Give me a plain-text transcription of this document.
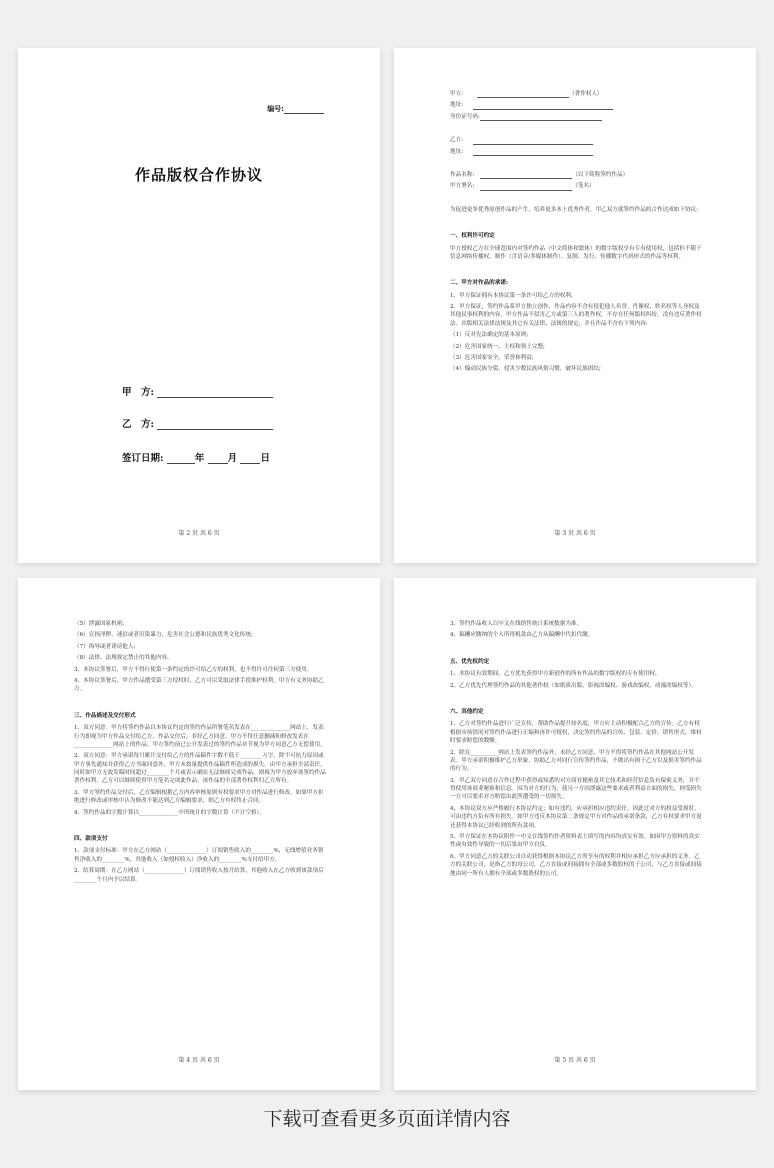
编号:
作品版权合作协议
甲　方:
乙　方:
签订日期:	年 月 日
第 2 页 共 6 页
甲方:	（著作权人）
地址:
身份证号码:
乙方:
地址:
作品名称:	（以下简称签约作品）
甲方署名:	（笔名）

为促进更多优秀原创作品的产生，培养更多本土优秀作者，甲乙双方就签约作品的合作达成如下协议:

一、权利许可约定

甲方授权乙方在全球范围内对签约作品（中文简体和繁体）的数字版权享有专有使用权，包括但不限于信息网络传播权，制作（含语音/多媒体制作）、复制、发行、传播数字代码形式的作品等权利。

二、甲方对作品的承诺:

1、甲方保证拥有本协议第一条许可给乙方的权利。

2、甲方保证，签约作品系甲方独立创作，作品内容不含有侵犯他人名誉、肖像权、姓名权等人身权及其他民事权利的内容，甲方作品不侵害乙方或第三人的著作权，不存在任何版权纠纷，没有违反著作权法、出版相关法律法规及其它有关法律、法规的规定，并且作品不含有下列内容:

（1）反对宪法确定的基本原则;

（2）危害国家统一、主权和领土完整;

（3）危害国家安全、荣誉和利益;

（4）煽动民族分裂，侵害少数民族风俗习惯，破坏民族团结;

第 3 页 共 6 页

（5）泄露国家机密;

（6）宣扬淫秽、迷信或者渲染暴力，危害社会公德和民族优秀文化传统;

（7）侮辱或者诽谤他人;

（8）法律、法规规定禁止的其他内容。

3、本协议签署后，甲方不得行使第一条约定的许可给乙方的权利，也不得许可任何第三方使用。

4、本协议签署后，甲方作品遭受第三方侵权时，乙方可以采取法律手段维护权利，甲方有义务协助乙方。

三、作品描述及交付形式

1、双方同意：甲方将签约作品以本协议约定的签约作品所署笔名发表在______________网站上，发表行为即视为甲方作品交付给乙方。作品交付后，非经乙方同意，甲方不得任意删减和修改发表在______________网站上的作品。甲方签约前已公开发表过的签约作品章节视为甲方同意乙方无偿使用。

2、双方同意：甲方承诺每月累计交付给乙方的作品稿件字数不低于________万字。除不可抗力原因或甲方事先通知并获得乙方书面同意外，甲方未按量提供作品稿件所造成的损失，由甲方承担全部责任，同时如甲方无故发稿时间超过________个月或表示确实无法继续完成作品，则视为甲方放弃该签约作品著作权利，乙方可以继续使用甲方笔名完成此作品，该作品的全部著作权利归乙方所有。

3、甲方签约作品交付后，乙方编辑根据乙方内容审核原则有权要求甲方对作品进行修改。如果甲方拒绝进行修改或审核中认为修改不能达到乙方编辑要求，则乙方有权终止合同。

4、签约作品的字数计算以______________中所统计的字数计算（不计空格）。

四、款项支付

1、款项支付标准：甲方在乙方网站（______________）订阅销售收入的________%，无线增值业务销售净收入的________%，其他收入（如授权收入）净收入的________%支付给甲方。

2、结算周期：在乙方网站（______________）订阅销售收入按月结算，其他收入在乙方收到该款项后________个月内予以结算。

第 4 页 共 6 页

3、签约作品收入以中文在线销售统计系统数据为准。

4、稿酬应缴纳的个人所得税款由乙方从稿酬中代扣代缴。

五、优先权约定

1、本协议有效期间，乙方优先获得甲方新创作的所有作品的数字版权的专有使用权。

2、乙方优先代理签约作品的其他著作权（如纸质出版、影视改编权、游戏改编权、动漫改编权等）。

六、其他约定

1、乙方对签约作品进行广泛宣传，帮助作品提升知名度，甲方应主动积极配合乙方的宣传。乙方有权根据市场情况对签约作品进行正编和再许可授权，决定签约作品的宣传、包装、定价、销售形式，维权时要求赔偿的数额。

2、除在__________网站上发表签约作品外，未经乙方同意，甲方不得将签约作品在其他网站公开发表。甲方承诺积极维护乙方形象，协助乙方对同行宣传签约作品，不做出有损于乙方以及损害签约作品的行为。

3、甲乙双方同意在合作过程中获得或知悉的对方商业秘密及其它技术和经营信息负有保密义务，并不得使用该商业秘密和信息。因为对方的行为，使另一方因泄露这些要求或者利益方面的损失，则受损失一方可以要求对方赔偿由此所遭受的一切损失。

4、本协议双方应严格履行本协议约定；如有违约，应承担相应违约责任。因此过对方的权益受损时，可由违约方负有所有损失。如甲方违反本协议第二条规定甲方对作品的承诺条款，乙方有权要求甲方返还获得本协议已经收到的所有款项。

5、甲方保证在本协议附件一中文在线签约作者资料表上填写的内容均真实有效。如因甲方资料的真实性或有效性导致的一切后果由甲方自负。

6、甲方同意乙方的关联公司自动获得根据本协议乙方所享有的权利并相应承担乙方应承担的义务。乙方的关联公司，是指乙方的母公司，乙方直接或间接拥有全部或多数股权的子公司，与乙方直接或间接地由同一所有人拥有全部或多数股权的公司。

第 5 页 共 6 页
下载可查看更多页面详情内容
